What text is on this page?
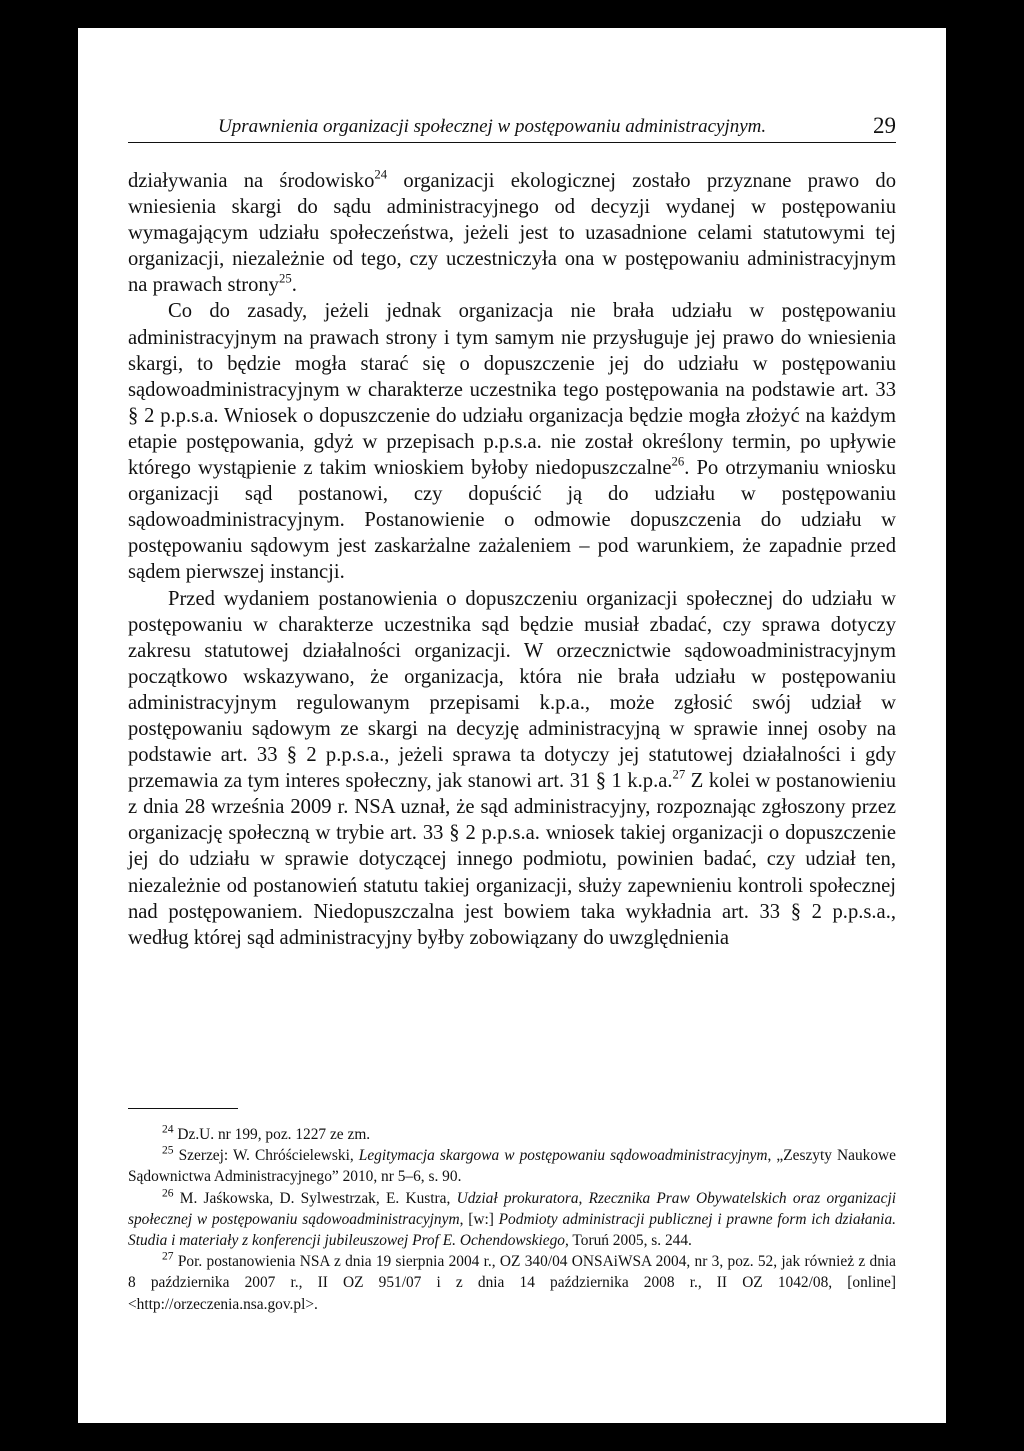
Uprawnienia organizacji społecznej w postępowaniu administracyjnym.	29

działywania na środowisko$^{24}$ organizacji ekologicznej zostało przyznane prawo do wniesienia skargi do sądu administracyjnego od decyzji wydanej w postępowaniu wymagającym udziału społeczeństwa, jeżeli jest to uzasadnione celami statutowymi tej organizacji, niezależnie od tego, czy uczestniczyła ona w postępowaniu administracyjnym na prawach strony$^{25}$.

Co do zasady, jeżeli jednak organizacja nie brała udziału w postępowaniu administracyjnym na prawach strony i tym samym nie przysługuje jej prawo do wniesienia skargi, to będzie mogła starać się o dopuszczenie jej do udziału w postępowaniu sądowoadministracyjnym w charakterze uczestnika tego postępowania na podstawie art. 33 § 2 p.p.s.a. Wniosek o dopuszczenie do udziału organizacja będzie mogła złożyć na każdym etapie postępowania, gdyż w przepisach p.p.s.a. nie został określony termin, po upływie którego wystąpienie z takim wnioskiem byłoby niedopuszczalne$^{26}$. Po otrzymaniu wniosku organizacji sąd postanowi, czy dopuścić ją do udziału w postępowaniu sądowoadministracyjnym. Postanowienie o odmowie dopuszczenia do udziału w postępowaniu sądowym jest zaskarżalne zażaleniem – pod warunkiem, że zapadnie przed sądem pierwszej instancji.

Przed wydaniem postanowienia o dopuszczeniu organizacji społecznej do udziału w postępowaniu w charakterze uczestnika sąd będzie musiał zbadać, czy sprawa dotyczy zakresu statutowej działalności organizacji. W orzecznictwie sądowoadministracyjnym początkowo wskazywano, że organizacja, która nie brała udziału w postępowaniu administracyjnym regulowanym przepisami k.p.a., może zgłosić swój udział w postępowaniu sądowym ze skargi na decyzję administracyjną w sprawie innej osoby na podstawie art. 33 § 2 p.p.s.a., jeżeli sprawa ta dotyczy jej statutowej działalności i gdy przemawia za tym interes społeczny, jak stanowi art. 31 § 1 k.p.a.$^{27}$ Z kolei w postanowieniu z dnia 28 września 2009 r. NSA uznał, że sąd administracyjny, rozpoznając zgłoszony przez organizację społeczną w trybie art. 33 § 2 p.p.s.a. wniosek takiej organizacji o dopuszczenie jej do udziału w sprawie dotyczącej innego podmiotu, powinien badać, czy udział ten, niezależnie od postanowień statutu takiej organizacji, służy zapewnieniu kontroli społecznej nad postępowaniem. Niedopuszczalna jest bowiem taka wykładnia art. 33 § 2 p.p.s.a., według której sąd administracyjny byłby zobowiązany do uwzględnienia

$^{24}$ Dz.U. nr 199, poz. 1227 ze zm.

$^{25}$ Szerzej: W. Chróścielewski, Legitymacja skargowa w postępowaniu sądowoadministracyjnym, „Zeszyty Naukowe Sądownictwa Administracyjnego” 2010, nr 5–6, s. 90.

$^{26}$ M. Jaśkowska, D. Sylwestrzak, E. Kustra, Udział prokuratora, Rzecznika Praw Obywatelskich oraz organizacji społecznej w postępowaniu sądowoadministracyjnym, [w:] Podmioty administracji publicznej i prawne form ich działania. Studia i materiały z konferencji jubileuszowej Prof E. Ochendowskiego, Toruń 2005, s. 244.

$^{27}$ Por. postanowienia NSA z dnia 19 sierpnia 2004 r., OZ 340/04 ONSAiWSA 2004, nr 3, poz. 52, jak również z dnia 8 października 2007 r., II OZ 951/07 i z dnia 14 października 2008 r., II OZ 1042/08, [online] <http://orzeczenia.nsa.gov.pl>.
